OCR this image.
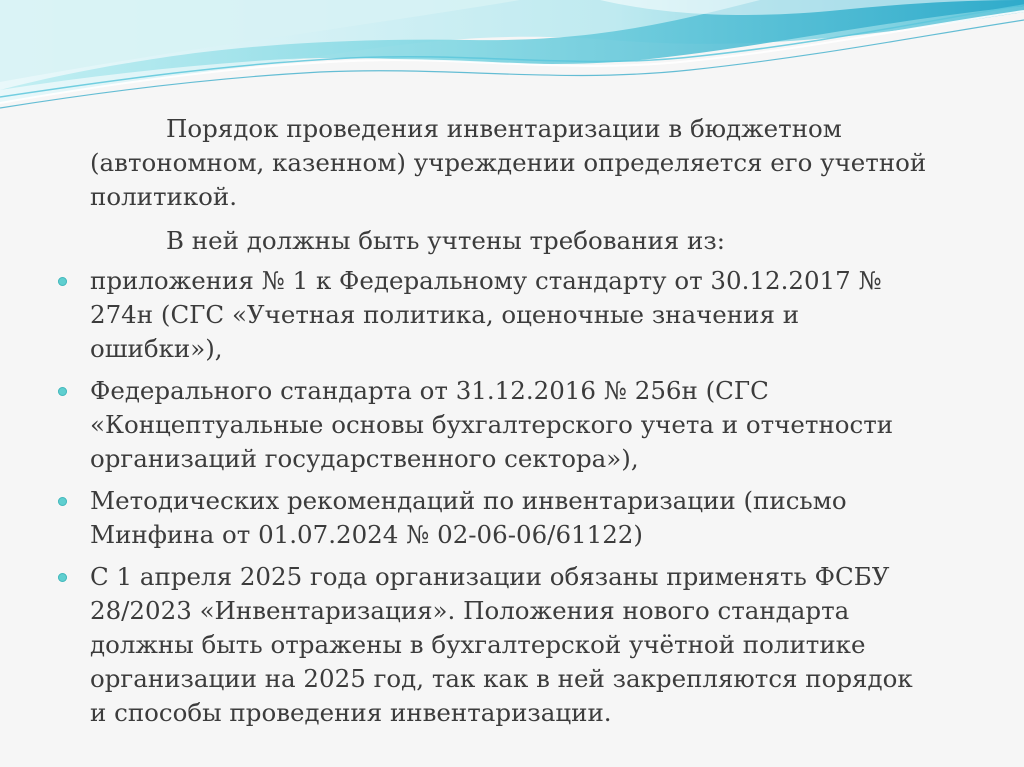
Порядок проведения инвентаризации в бюджетном (автономном, казенном) учреждении определяется его учетной политикой.

В ней должны быть учтены требования из:

приложения № 1 к Федеральному стандарту от 30.12.2017 № 274н (СГС «Учетная политика, оценочные значения и ошибки»),
Федерального стандарта от 31.12.2016 № 256н (СГС «Концептуальные основы бухгалтерского учета и отчетности организаций государственного сектора»),
Методических рекомендаций по инвентаризации (письмо Минфина от 01.07.2024 № 02-06-06/61122)
С 1 апреля 2025 года организации обязаны применять ФСБУ 28/2023 «Инвентаризация». Положения нового стандарта должны быть отражены в бухгалтерской учётной политике организации на 2025 год, так как в ней закрепляются порядок и способы проведения инвентаризации.
